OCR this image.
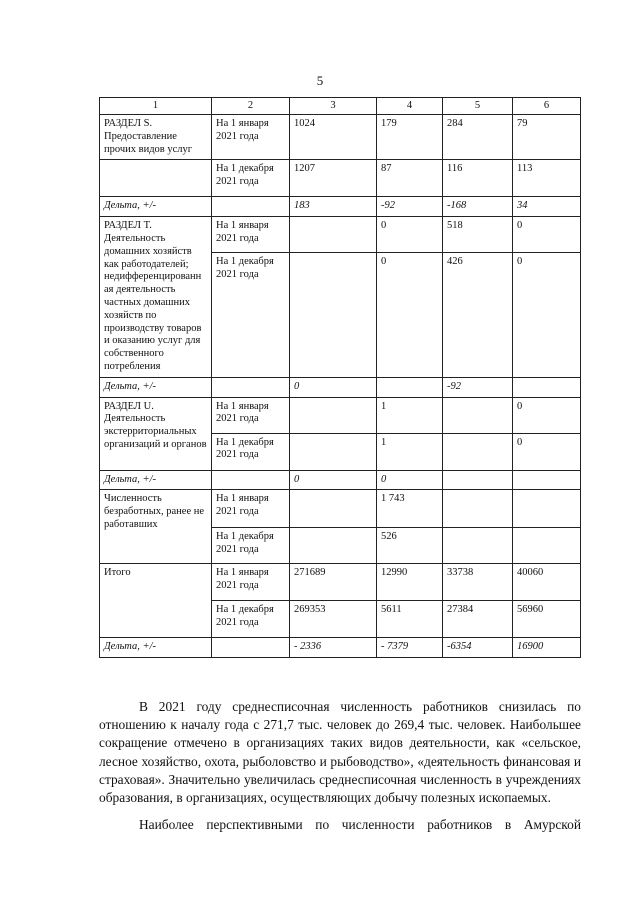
5
1	2	3	4	5	6
РАЗДЕЛ S. Предоставление прочих видов услуг	На 1 января 2021 года	1024	179	284	79
	На 1 декабря 2021 года	1207	87	116	113
Дельта, +/-		183	-92	-168	34
РАЗДЕЛ T. Деятельность домашних хозяйств как работодателей; недифференцированн ая деятельность частных домашних хозяйств по производству товаров и оказанию услуг для собственного потребления	На 1 января 2021 года		0	518	0
	На 1 декабря 2021 года		0	426	0
Дельта, +/-		0		-92	
РАЗДЕЛ U. Деятельность экстерриториальных организаций и органов	На 1 января 2021 года		1		0
	На 1 декабря 2021 года		1		0
Дельта, +/-		0	0		
Численность безработных, ранее не работавших	На 1 января 2021 года		1 743		
	На 1 декабря 2021 года		526		
Итого	На 1 января 2021 года	271689	12990	33738	40060
	На 1 декабря 2021 года	269353	5611	27384	56960
Дельта, +/-		- 2336	- 7379	-6354	16900

В 2021 году среднесписочная численность работников снизилась по отношению к началу года с 271,7 тыс. человек до 269,4 тыс. человек. Наибольшее сокращение отмечено в организациях таких видов деятельности, как «сельское, лесное хозяйство, охота, рыболовство и рыбоводство», «деятельность финансовая и страховая». Значительно увеличилась среднесписочная численность в учреждениях образования, в организациях, осуществляющих добычу полезных ископаемых.

Наиболее перспективными по численности работников в Амурской
